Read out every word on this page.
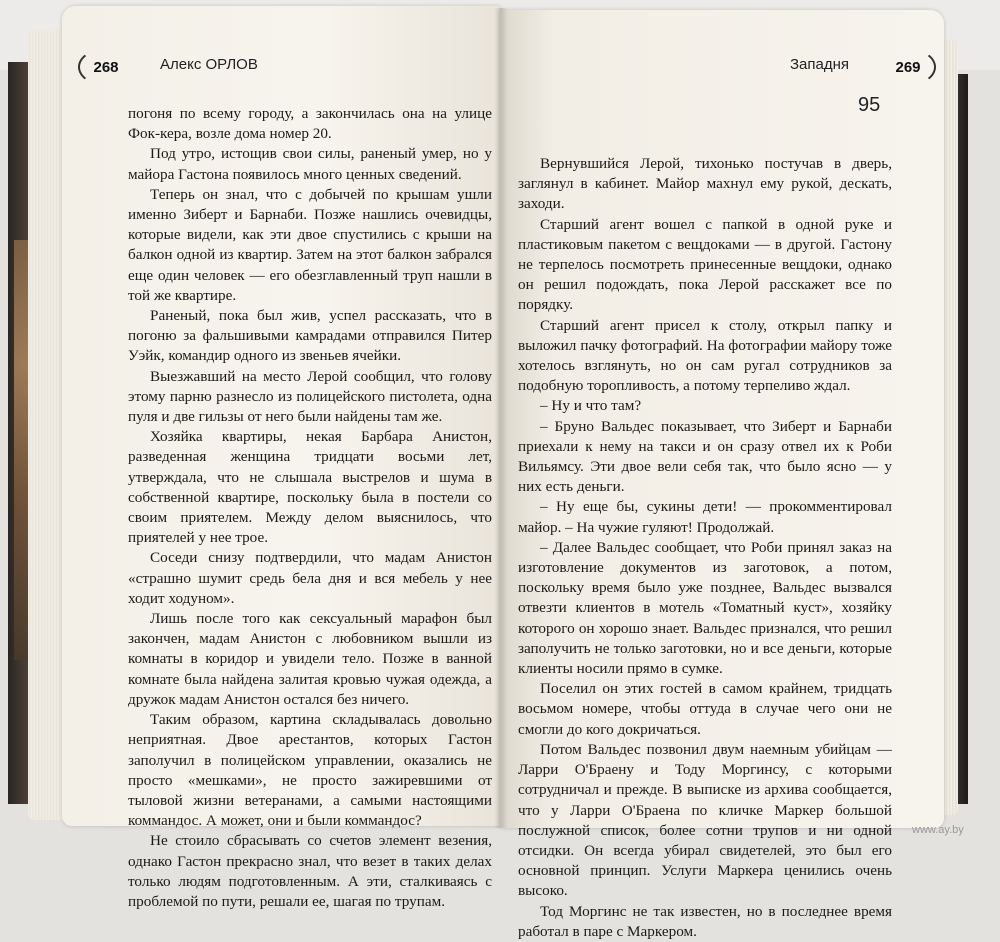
268	Алекс ОРЛОВ	Западня	269
95

погоня по всему городу, а закончилась она на улице Фок-кера, возле дома номер 20.

Под утро, истощив свои силы, раненый умер, но у майора Гастона появилось много ценных сведений.

Теперь он знал, что с добычей по крышам ушли именно Зиберт и Барнаби. Позже нашлись очевидцы, которые видели, как эти двое спустились с крыши на балкон одной из квартир. Затем на этот балкон забрался еще один человек — его обезглавленный труп нашли в той же квартире.

Раненый, пока был жив, успел рассказать, что в погоню за фальшивыми камрадами отправился Питер Уэйк, командир одного из звеньев ячейки.

Выезжавший на место Лерой сообщил, что голову этому парню разнесло из полицейского пистолета, одна пуля и две гильзы от него были найдены там же.

Хозяйка квартиры, некая Барбара Анистон, разведенная женщина тридцати восьми лет, утверждала, что не слышала выстрелов и шума в собственной квартире, поскольку была в постели со своим приятелем. Между делом выяснилось, что приятелей у нее трое.

Соседи снизу подтвердили, что мадам Анистон «страшно шумит средь бела дня и вся мебель у нее ходит ходуном».

Лишь после того как сексуальный марафон был закончен, мадам Анистон с любовником вышли из комнаты в коридор и увидели тело. Позже в ванной комнате была найдена залитая кровью чужая одежда, а дружок мадам Анистон остался без ничего.

Таким образом, картина складывалась довольно неприятная. Двое арестантов, которых Гастон заполучил в полицейском управлении, оказались не просто «мешками», не просто зажиревшими от тыловой жизни ветеранами, а самыми настоящими коммандос. А может, они и были коммандос?

Не стоило сбрасывать со счетов элемент везения, однако Гастон прекрасно знал, что везет в таких делах только людям подготовленным. А эти, сталкиваясь с проблемой по пути, решали ее, шагая по трупам.

Вернувшийся Лерой, тихонько постучав в дверь, заглянул в кабинет. Майор махнул ему рукой, дескать, заходи.

Старший агент вошел с папкой в одной руке и пластиковым пакетом с вещдоками — в другой. Гастону не терпелось посмотреть принесенные вещдоки, однако он решил подождать, пока Лерой расскажет все по порядку.

Старший агент присел к столу, открыл папку и выложил пачку фотографий. На фотографии майору тоже хотелось взглянуть, но он сам ругал сотрудников за подобную торопливость, а потому терпеливо ждал.

– Ну и что там?

– Бруно Вальдес показывает, что Зиберт и Барнаби приехали к нему на такси и он сразу отвел их к Роби Вильямсу. Эти двое вели себя так, что было ясно — у них есть деньги.

– Ну еще бы, сукины дети! — прокомментировал майор. – На чужие гуляют! Продолжай.

– Далее Вальдес сообщает, что Роби принял заказ на изготовление документов из заготовок, а потом, поскольку время было уже позднее, Вальдес вызвался отвезти клиентов в мотель «Томатный куст», хозяйку которого он хорошо знает. Вальдес признался, что решил заполучить не только заготовки, но и все деньги, которые клиенты носили прямо в сумке.

Поселил он этих гостей в самом крайнем, тридцать восьмом номере, чтобы оттуда в случае чего они не смогли до кого докричаться.

Потом Вальдес позвонил двум наемным убийцам — Ларри О'Браену и Тоду Моргинсу, с которыми сотрудничал и прежде. В выписке из архива сообщается, что у Ларри О'Браена по кличке Маркер большой послужной список, более сотни трупов и ни одной отсидки. Он всегда убирал свидетелей, это был его основной принцип. Услуги Маркера ценились очень высоко.

Тод Моргинс не так известен, но в последнее время работал в паре с Маркером.

www.ay.by
